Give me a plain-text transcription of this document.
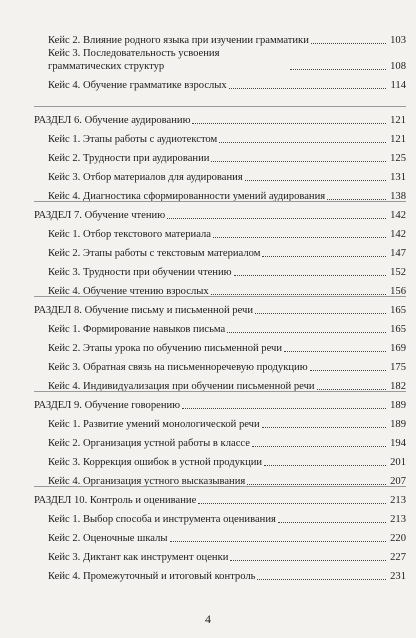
Кейс 2. Влияние родного языка при изучении грамматики	103
Кейс 3. Последовательность усвоения грамматических структур	108
Кейс 4. Обучение грамматике взрослых	114
РАЗДЕЛ 6. Обучение аудированию	121
Кейс 1. Этапы работы с аудиотекстом	121
Кейс 2. Трудности при аудировании	125
Кейс 3. Отбор материалов для аудирования	131
Кейс 4. Диагностика сформированности умений аудирования	138
РАЗДЕЛ 7. Обучение чтению	142
Кейс 1. Отбор текстового материала	142
Кейс 2. Этапы работы с текстовым материалом	147
Кейс 3. Трудности при обучении чтению	152
Кейс 4. Обучение чтению взрослых	156
РАЗДЕЛ 8. Обучение письму и письменной речи	165
Кейс 1. Формирование навыков письма	165
Кейс 2. Этапы урока по обучению письменной речи	169
Кейс 3. Обратная связь на письменноречевую продукцию	175
Кейс 4. Индивидуализация при обучении письменной речи	182
РАЗДЕЛ 9. Обучение говорению	189
Кейс 1. Развитие умений монологической речи	189
Кейс 2. Организация устной работы в классе	194
Кейс 3. Коррекция ошибок в устной продукции	201
Кейс 4. Организация устного высказывания	207
РАЗДЕЛ 10. Контроль и оценивание	213
Кейс 1. Выбор способа и инструмента оценивания	213
Кейс 2. Оценочные шкалы	220
Кейс 3. Диктант как инструмент оценки	227
Кейс 4. Промежуточный и итоговый контроль	231
4
